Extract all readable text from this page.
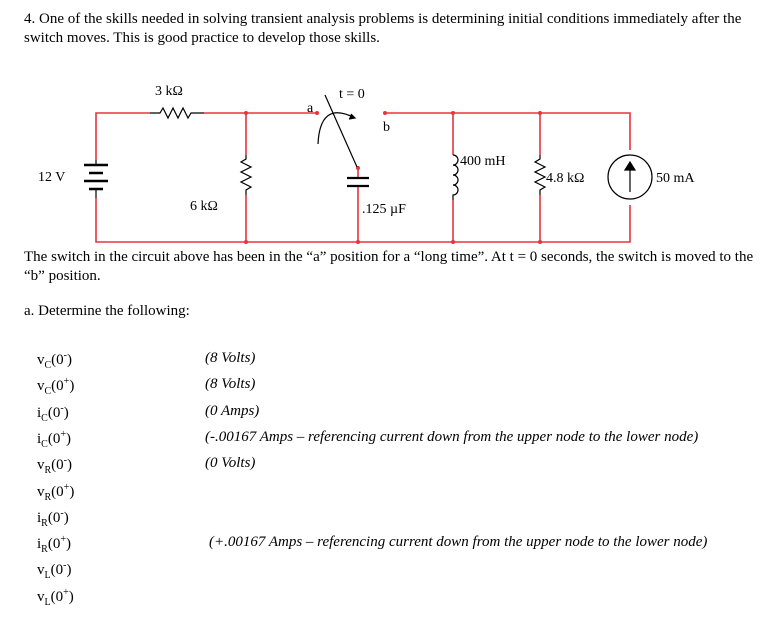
4. One of the skills needed in solving transient analysis problems is determining initial conditions immediately after the switch moves. This is good practice to develop those skills.

3 kΩ
6 kΩ
12 V
t = 0
a
b
.125 µF
400 mH
4.8 kΩ	50 mA

The switch in the circuit above has been in the “a” position for a “long time”. At t = 0 seconds, the switch is moved to the “b” position.

a. Determine the following:

$v_C(0^-)$	(8 Volts)
$v_C(0^+)$	(8 Volts)
$i_C(0^-)$	(0 Amps)
$i_C(0^+)$	(-.00167 Amps – referencing current down from the upper node to the lower node)
$v_R(0^-)$	(0 Volts)
$v_R(0^+)$
$i_R(0^-)$
$i_R(0^+)$	(+.00167 Amps – referencing current down from the upper node to the lower node)
$v_L(0^-)$
$v_L(0^+)$
